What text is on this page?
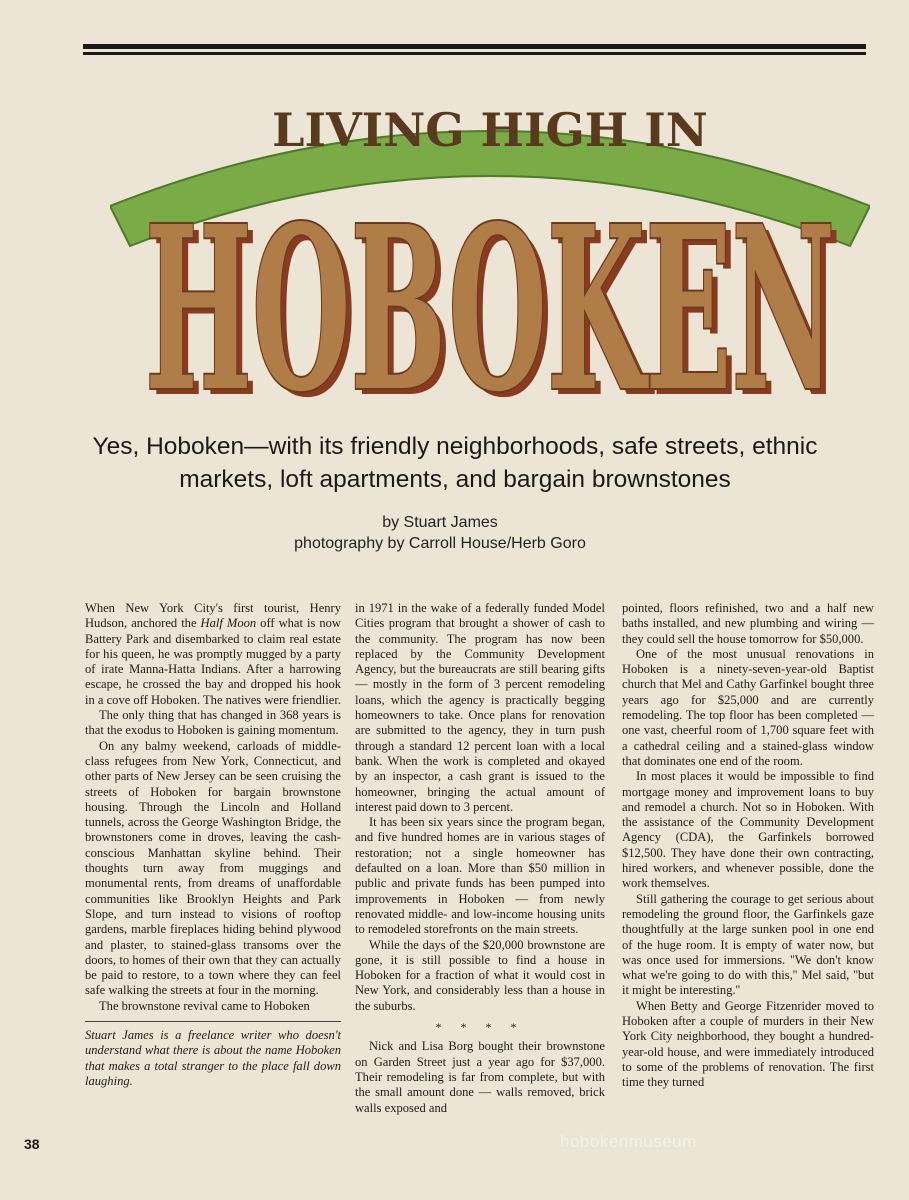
LIVING HIGH IN
HOBOKEN
HOBOKEN
Yes, Hoboken—with its friendly neighborhoods, safe streets, ethnic
markets, loft apartments, and bargain brownstones
by Stuart James
photography by Carroll House/Herb Goro

When New York City's first tourist, Henry Hudson, anchored the Half Moon off what is now Battery Park and disembarked to claim real estate for his queen, he was promptly mugged by a party of irate Manna-Hatta Indians. After a harrowing escape, he crossed the bay and dropped his hook in a cove off Hoboken. The natives were friendlier.

The only thing that has changed in 368 years is that the exodus to Hoboken is gaining momentum.

On any balmy weekend, carloads of middle-class refugees from New York, Connecticut, and other parts of New Jersey can be seen cruising the streets of Hoboken for bargain brownstone housing. Through the Lincoln and Holland tunnels, across the George Washington Bridge, the brownstoners come in droves, leaving the cash-conscious Manhattan skyline behind. Their thoughts turn away from muggings and monumental rents, from dreams of unaffordable communities like Brooklyn Heights and Park Slope, and turn instead to visions of rooftop gardens, marble fireplaces hiding behind plywood and plaster, to stained-glass transoms over the doors, to homes of their own that they can actually be paid to restore, to a town where they can feel safe walking the streets at four in the morning.

The brownstone revival came to Hoboken

Stuart James is a freelance writer who doesn't understand what there is about the name Hoboken that makes a total stranger to the place fall down laughing.

in 1971 in the wake of a federally funded Model Cities program that brought a shower of cash to the community. The program has now been replaced by the Community Development Agency, but the bureaucrats are still bearing gifts — mostly in the form of 3 percent remodeling loans, which the agency is practically begging homeowners to take. Once plans for renovation are submitted to the agency, they in turn push through a standard 12 percent loan with a local bank. When the work is completed and okayed by an inspector, a cash grant is issued to the homeowner, bringing the actual amount of interest paid down to 3 percent.

It has been six years since the program began, and five hundred homes are in various stages of restoration; not a single homeowner has defaulted on a loan. More than $50 million in public and private funds has been pumped into improvements in Hoboken — from newly renovated middle- and low-income housing units to remodeled storefronts on the main streets.

While the days of the $20,000 brownstone are gone, it is still possible to find a house in Hoboken for a fraction of what it would cost in New York, and considerably less than a house in the suburbs.

* * * *

Nick and Lisa Borg bought their brownstone on Garden Street just a year ago for $37,000. Their remodeling is far from complete, but with the small amount done — walls removed, brick walls exposed and

pointed, floors refinished, two and a half new baths installed, and new plumbing and wiring — they could sell the house tomorrow for $50,000.

One of the most unusual renovations in Hoboken is a ninety-seven-year-old Baptist church that Mel and Cathy Garfinkel bought three years ago for $25,000 and are currently remodeling. The top floor has been completed — one vast, cheerful room of 1,700 square feet with a cathedral ceiling and a stained-glass window that dominates one end of the room.

In most places it would be impossible to find mortgage money and improvement loans to buy and remodel a church. Not so in Hoboken. With the assistance of the Community Development Agency (CDA), the Garfinkels borrowed $12,500. They have done their own contracting, hired workers, and whenever possible, done the work themselves.

Still gathering the courage to get serious about remodeling the ground floor, the Garfinkels gaze thoughtfully at the large sunken pool in one end of the huge room. It is empty of water now, but was once used for immersions. ''We don't know what we're going to do with this,'' Mel said, ''but it might be interesting.''

When Betty and George Fitzenrider moved to Hoboken after a couple of murders in their New York City neighborhood, they bought a hundred-year-old house, and were immediately introduced to some of the problems of renovation. The first time they turned

38	hobokenmuseum
